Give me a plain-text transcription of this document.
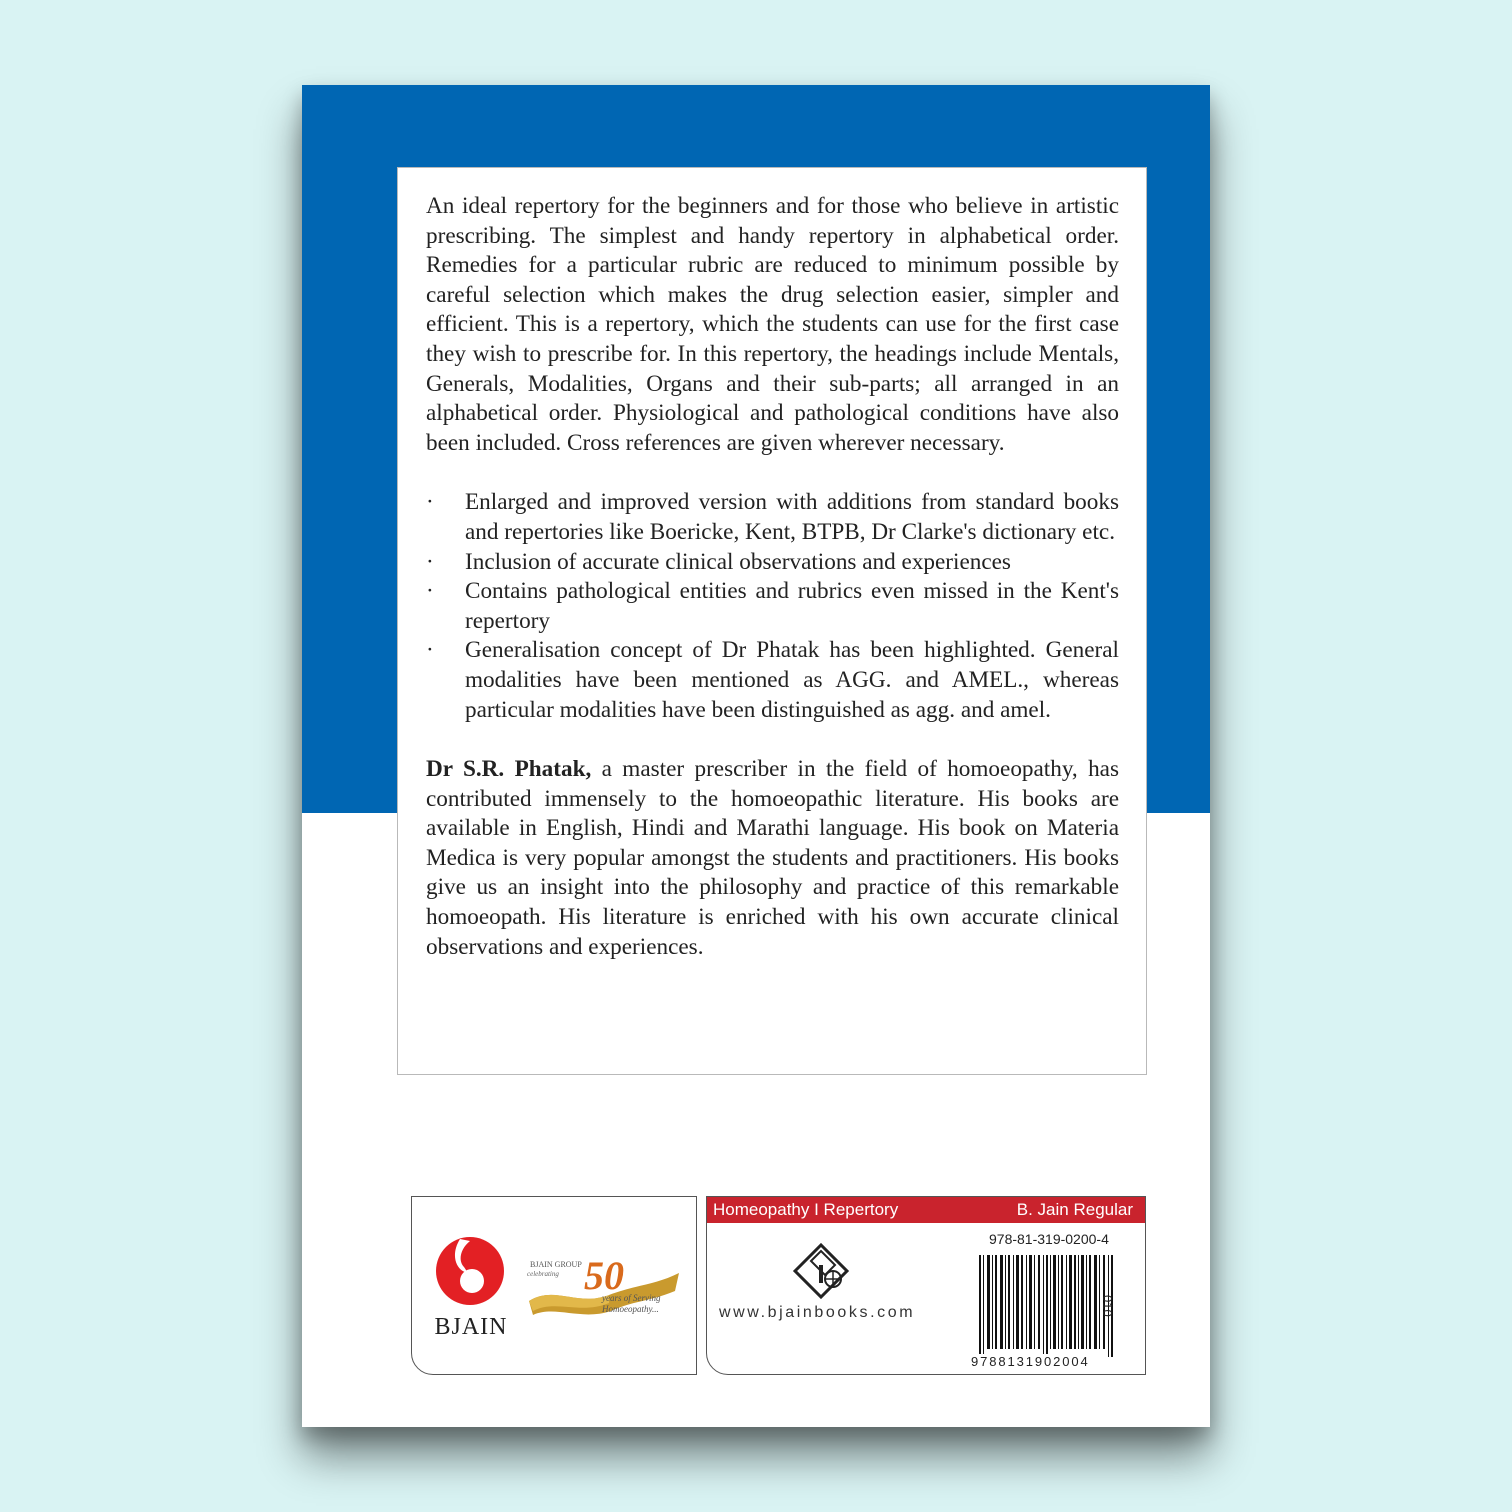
An ideal repertory for the beginners and for those who believe in artistic prescribing. The simplest and handy repertory in alphabetical order. Remedies for a particular rubric are reduced to minimum possible by careful selection which makes the drug selection easier, simpler and efficient. This is a repertory, which the students can use for the first case they wish to prescribe for. In this repertory, the headings include Mentals, Generals, Modalities, Organs and their sub-parts; all arranged in an alphabetical order. Physiological and pathological conditions have also been included. Cross references are given wherever necessary.

·	Enlarged and improved version with additions from standard books and repertories like Boericke, Kent, BTPB, Dr Clarke's dictionary etc.
·	Inclusion of accurate clinical observations and experiences
·	Contains pathological entities and rubrics even missed in the Kent's repertory
·	Generalisation concept of Dr Phatak has been highlighted. General modalities have been mentioned as AGG. and AMEL., whereas particular modalities have been distinguished as agg. and amel.

Dr S.R. Phatak, a master prescriber in the field of homoeopathy, has contributed immensely to the homoeopathic literature. His books are available in English, Hindi and Marathi language. His book on Materia Medica is very popular amongst the students and practitioners. His books give us an insight into the philosophy and practice of this remarkable homoeopath. His literature is enriched with his own accurate clinical observations and experiences.

BJAIN
BJAIN GROUP
celebrating 50
years of Serving
Homoeopathy...
Homeopathy I Repertory	B. Jain Regular
www.bjainbooks.com
978-81-319-0200-4
9788131902004
010
